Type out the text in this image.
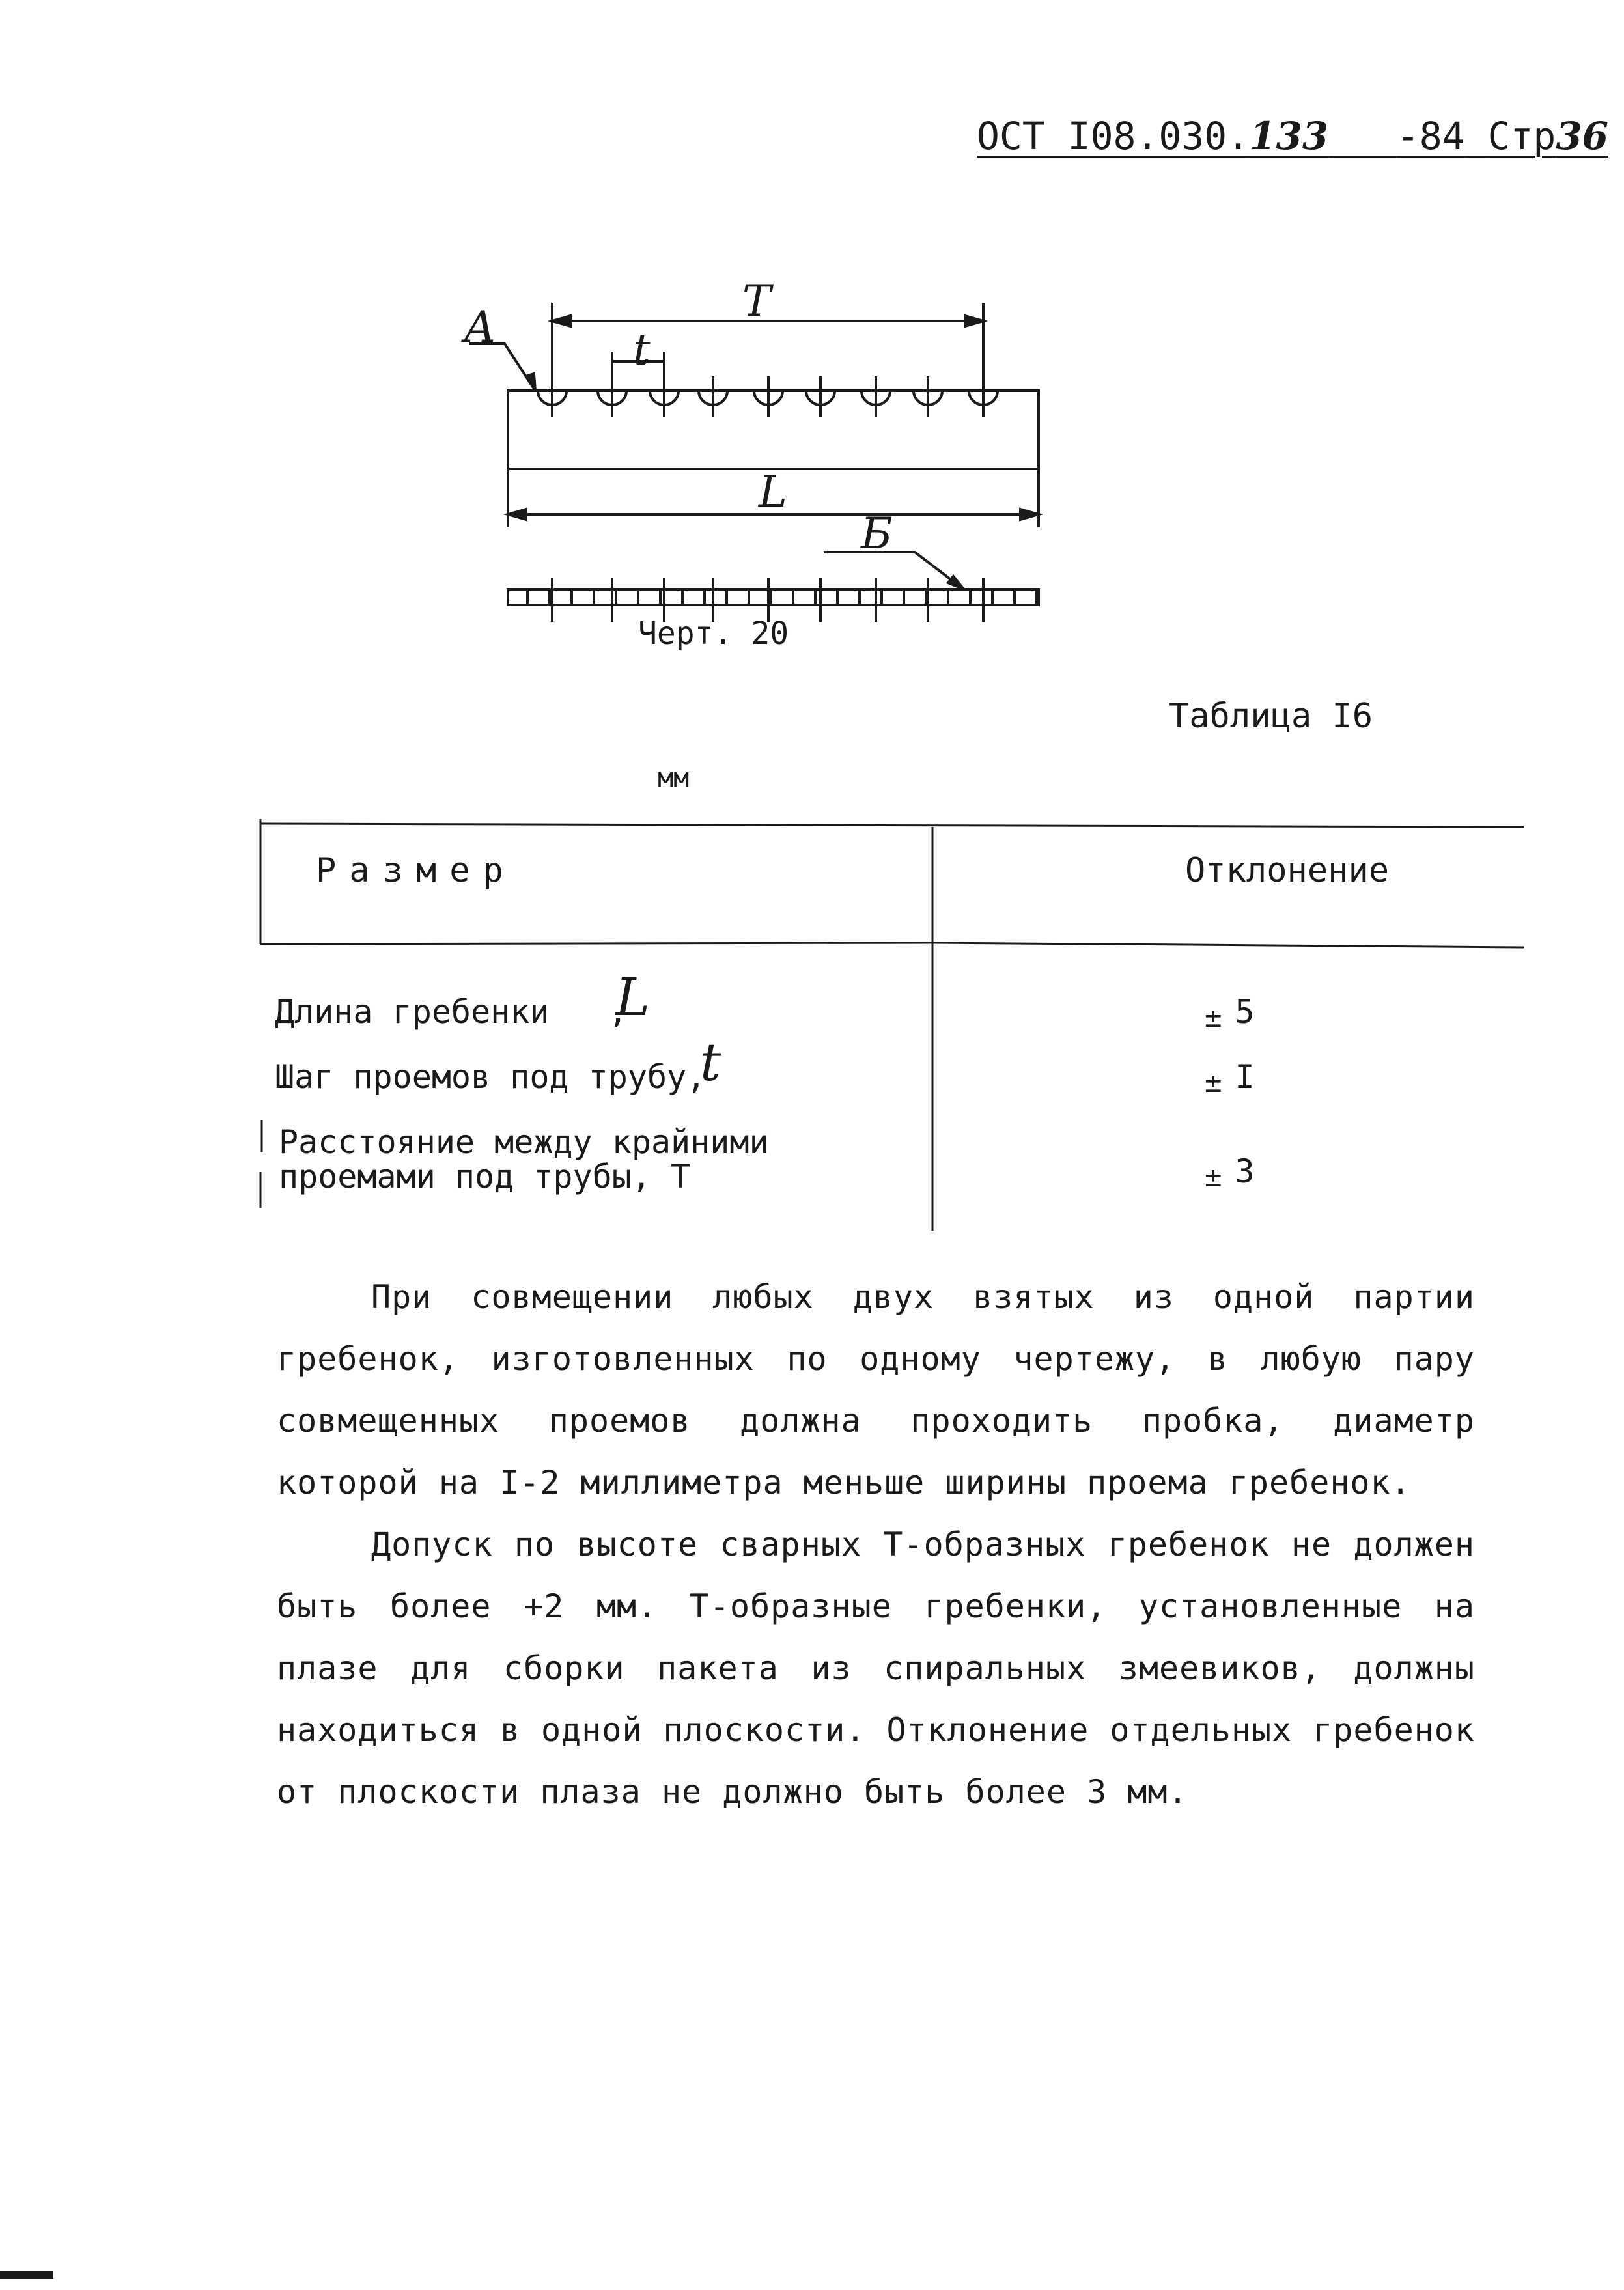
ОСТ I08.030.133 -84 Стр36
А
Т
t
L
Б
Черт. 20
Таблица I6
мм
Размер	Отклонение
Длина гребенки   ,
L	± 5
Шаг проемов под трубу,
t	± I
Расстояние между крайними
проемами под трубы, Т	± 3
При совмещении любых двух взятых из одной партии гребенок, изготовленных по одному чертежу, в любую пару совмещенных проемов должна проходить пробка, диаметр которой на I-2 миллиметра меньше ширины проема гребенок.
Допуск по высоте сварных Т-образных гребенок не должен быть более +2 мм. Т-образные гребенки, установленные на плазе для сборки пакета из спиральных змеевиков, должны находиться в одной плоскости. Отклонение отдельных гребенок от плоскости плаза не должно быть более 3 мм.
